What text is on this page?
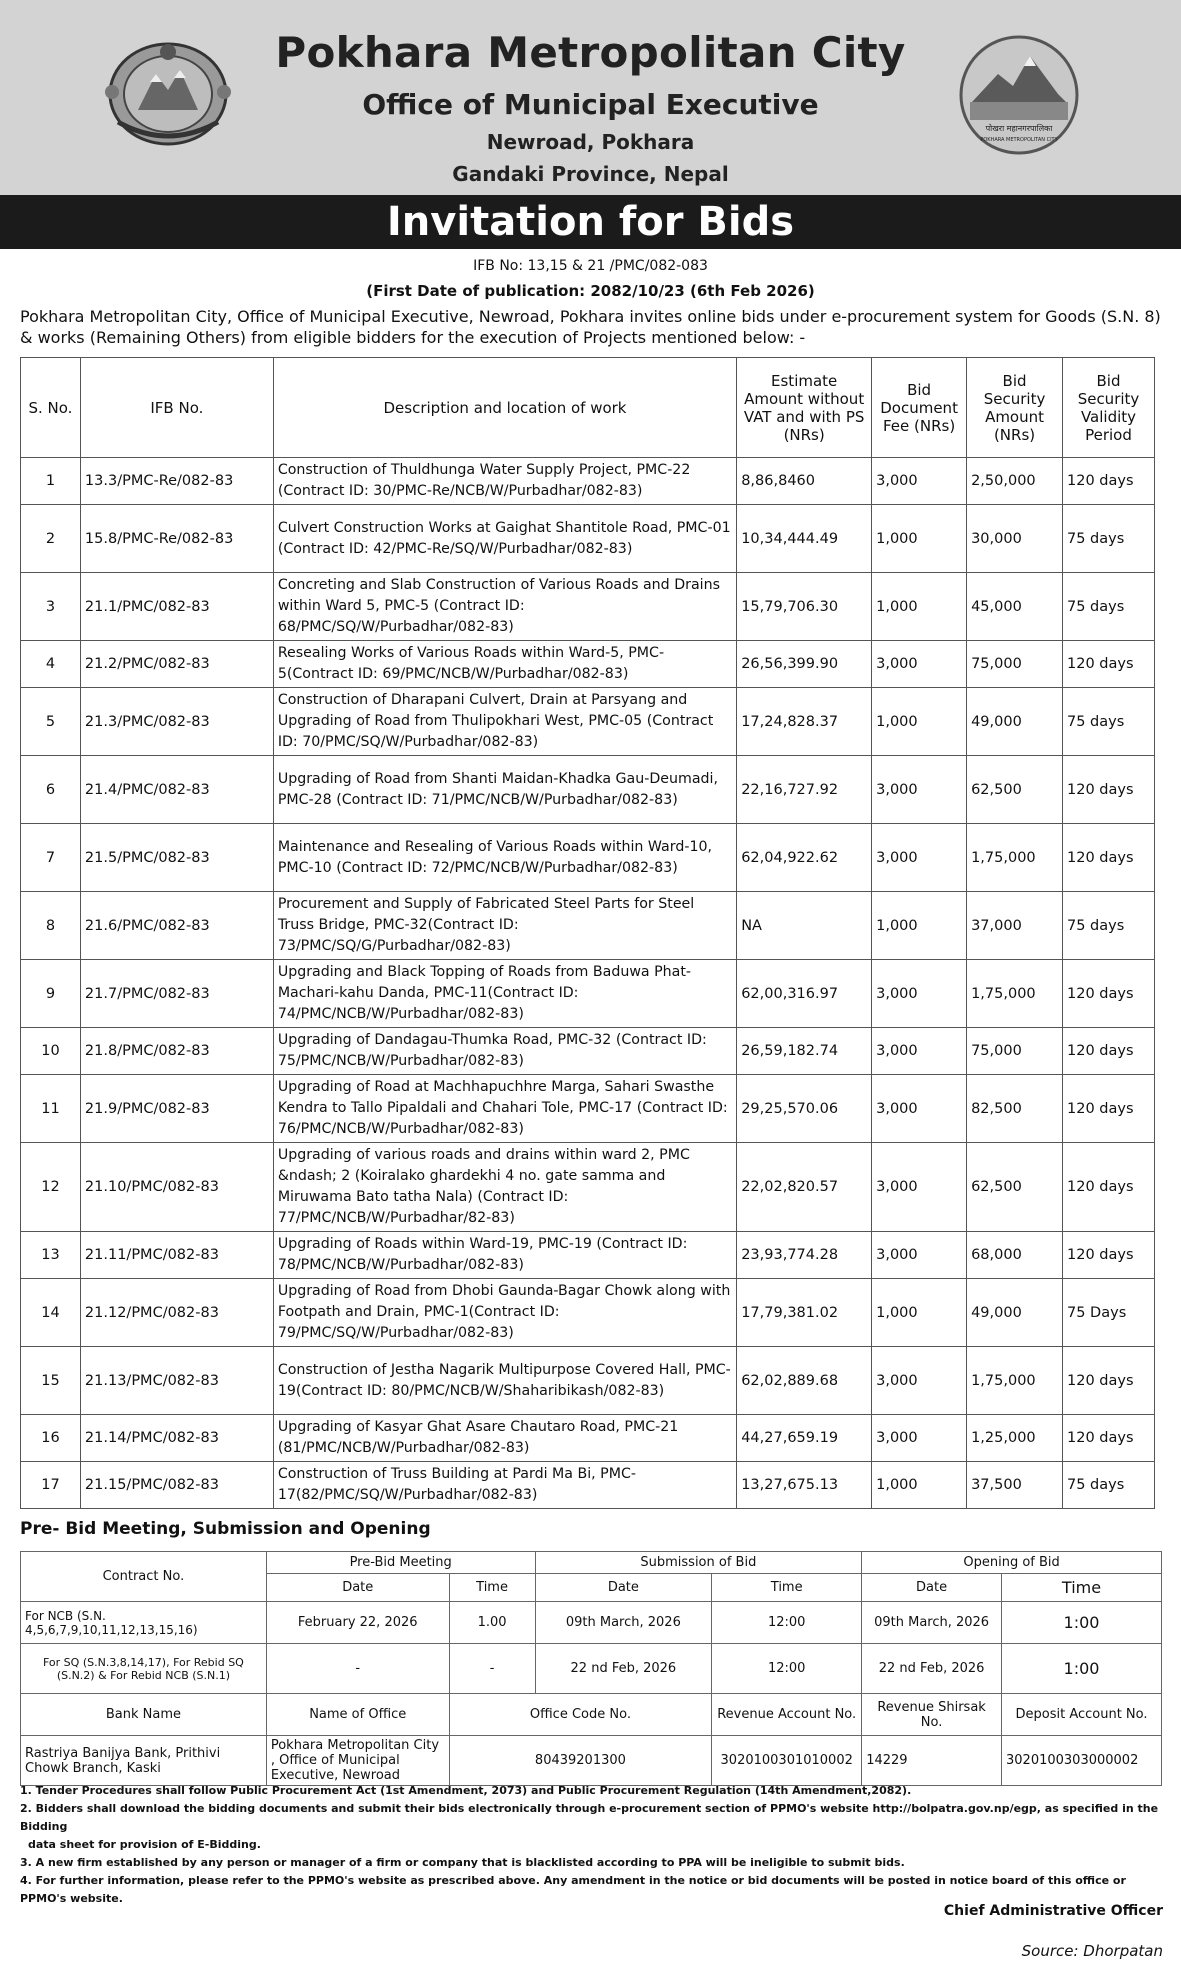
Pokhara Metropolitan City
Office of Municipal Executive
Newroad, Pokhara
Gandaki Province, Nepal
पोखरा महानगरपालिका
POKHARA METROPOLITAN CITY
Invitation for Bids
IFB No: 13,15 & 21 /PMC/082-083
(First Date of publication: 2082/10/23 (6th Feb 2026)
Pokhara Metropolitan City, Office of Municipal Executive, Newroad, Pokhara invites online bids under e-procurement system for Goods (S.N. 8) & works (Remaining Others) from eligible bidders for the execution of Projects mentioned below: -
S. No.	IFB No.	Description and location of work	Estimate Amount without VAT and with PS (NRs)	Bid Document Fee (NRs)	Bid Security Amount (NRs)	Bid Security Validity Period
1	13.3/PMC-Re/082-83	Construction of Thuldhunga Water Supply Project, PMC-22 (Contract ID: 30/PMC-Re/NCB/W/Purbadhar/082-83)	8,86,8460	3,000	2,50,000	120 days
2	15.8/PMC-Re/082-83	Culvert Construction Works at Gaighat Shantitole Road, PMC-01 (Contract ID: 42/PMC-Re/SQ/W/Purbadhar/082-83)	10,34,444.49	1,000	30,000	75 days
3	21.1/PMC/082-83	Concreting and Slab Construction of Various Roads and Drains within Ward 5, PMC-5 (Contract ID: 68/PMC/SQ/W/Purbadhar/082-83)	15,79,706.30	1,000	45,000	75 days
4	21.2/PMC/082-83	Resealing Works of Various Roads within Ward-5, PMC-5(Contract ID: 69/PMC/NCB/W/Purbadhar/082-83)	26,56,399.90	3,000	75,000	120 days
5	21.3/PMC/082-83	Construction of Dharapani Culvert, Drain at Parsyang and Upgrading of Road from Thulipokhari West, PMC-05 (Contract ID: 70/PMC/SQ/W/Purbadhar/082-83)	17,24,828.37	1,000	49,000	75 days
6	21.4/PMC/082-83	Upgrading of Road from Shanti Maidan-Khadka Gau-Deumadi, PMC-28 (Contract ID: 71/PMC/NCB/W/Purbadhar/082-83)	22,16,727.92	3,000	62,500	120 days
7	21.5/PMC/082-83	Maintenance and Resealing of Various Roads within Ward-10, PMC-10 (Contract ID: 72/PMC/NCB/W/Purbadhar/082-83)	62,04,922.62	3,000	1,75,000	120 days
8	21.6/PMC/082-83	Procurement and Supply of Fabricated Steel Parts for Steel Truss Bridge, PMC-32(Contract ID: 73/PMC/SQ/G/Purbadhar/082-83)	NA	1,000	37,000	75 days
9	21.7/PMC/082-83	Upgrading and Black Topping of Roads from Baduwa Phat-Machari-kahu Danda, PMC-11(Contract ID: 74/PMC/NCB/W/Purbadhar/082-83)	62,00,316.97	3,000	1,75,000	120 days
10	21.8/PMC/082-83	Upgrading of Dandagau-Thumka Road, PMC-32 (Contract ID: 75/PMC/NCB/W/Purbadhar/082-83)	26,59,182.74	3,000	75,000	120 days
11	21.9/PMC/082-83	Upgrading of Road at Machhapuchhre Marga, Sahari Swasthe Kendra to Tallo Pipaldali and Chahari Tole, PMC-17 (Contract ID: 76/PMC/NCB/W/Purbadhar/082-83)	29,25,570.06	3,000	82,500	120 days
12	21.10/PMC/082-83	Upgrading of various roads and drains within ward 2, PMC &ndash; 2 (Koiralako ghardekhi 4 no. gate samma and Miruwama Bato tatha Nala) (Contract ID: 77/PMC/NCB/W/Purbadhar/82-83)	22,02,820.57	3,000	62,500	120 days
13	21.11/PMC/082-83	Upgrading of Roads within Ward-19, PMC-19 (Contract ID: 78/PMC/NCB/W/Purbadhar/082-83)	23,93,774.28	3,000	68,000	120 days
14	21.12/PMC/082-83	Upgrading of Road from Dhobi Gaunda-Bagar Chowk along with Footpath and Drain, PMC-1(Contract ID: 79/PMC/SQ/W/Purbadhar/082-83)	17,79,381.02	1,000	49,000	75 Days
15	21.13/PMC/082-83	Construction of Jestha Nagarik Multipurpose Covered Hall, PMC-19(Contract ID: 80/PMC/NCB/W/Shaharibikash/082-83)	62,02,889.68	3,000	1,75,000	120 days
16	21.14/PMC/082-83	Upgrading of Kasyar Ghat Asare Chautaro Road, PMC-21 (81/PMC/NCB/W/Purbadhar/082-83)	44,27,659.19	3,000	1,25,000	120 days
17	21.15/PMC/082-83	Construction of Truss Building at Pardi Ma Bi, PMC-17(82/PMC/SQ/W/Purbadhar/082-83)	13,27,675.13	1,000	37,500	75 days
Pre- Bid Meeting, Submission and Opening
Contract No.	Pre-Bid Meeting		Submission of Bid		Opening of Bid	
	Date	Time	Date	Time	Date	Time
For NCB (S.N. 4,5,6,7,9,10,11,12,13,15,16)	February 22, 2026	1.00	09th March, 2026	12:00	09th March, 2026	1:00
For SQ (S.N.3,8,14,17), For Rebid SQ (S.N.2) & For Rebid NCB (S.N.1)	-	-	22 nd Feb, 2026	12:00	22 nd Feb, 2026	1:00
Bank Name	Name of Office	Office Code No.		Revenue Account No.	Revenue Shirsak No.	Deposit Account No.
Rastriya Banijya Bank, Prithivi Chowk Branch, Kaski	Pokhara Metropolitan City , Office of Municipal Executive, Newroad	80439201300		3020100301010002	14229	3020100303000002
1. Tender Procedures shall follow Public Procurement Act (1st Amendment, 2073) and Public Procurement Regulation (14th Amendment,2082).
2. Bidders shall download the bidding documents and submit their bids electronically through e-procurement section of PPMO's website http://bolpatra.gov.np/egp, as specified in the Bidding
data sheet for provision of E-Bidding.
3. A new firm established by any person or manager of a firm or company that is blacklisted according to PPA will be ineligible to submit bids.
4. For further information, please refer to the PPMO's website as prescribed above. Any amendment in the notice or bid documents will be posted in notice board of this office or PPMO's website.
Chief Administrative Officer
Source: Dhorpatan
